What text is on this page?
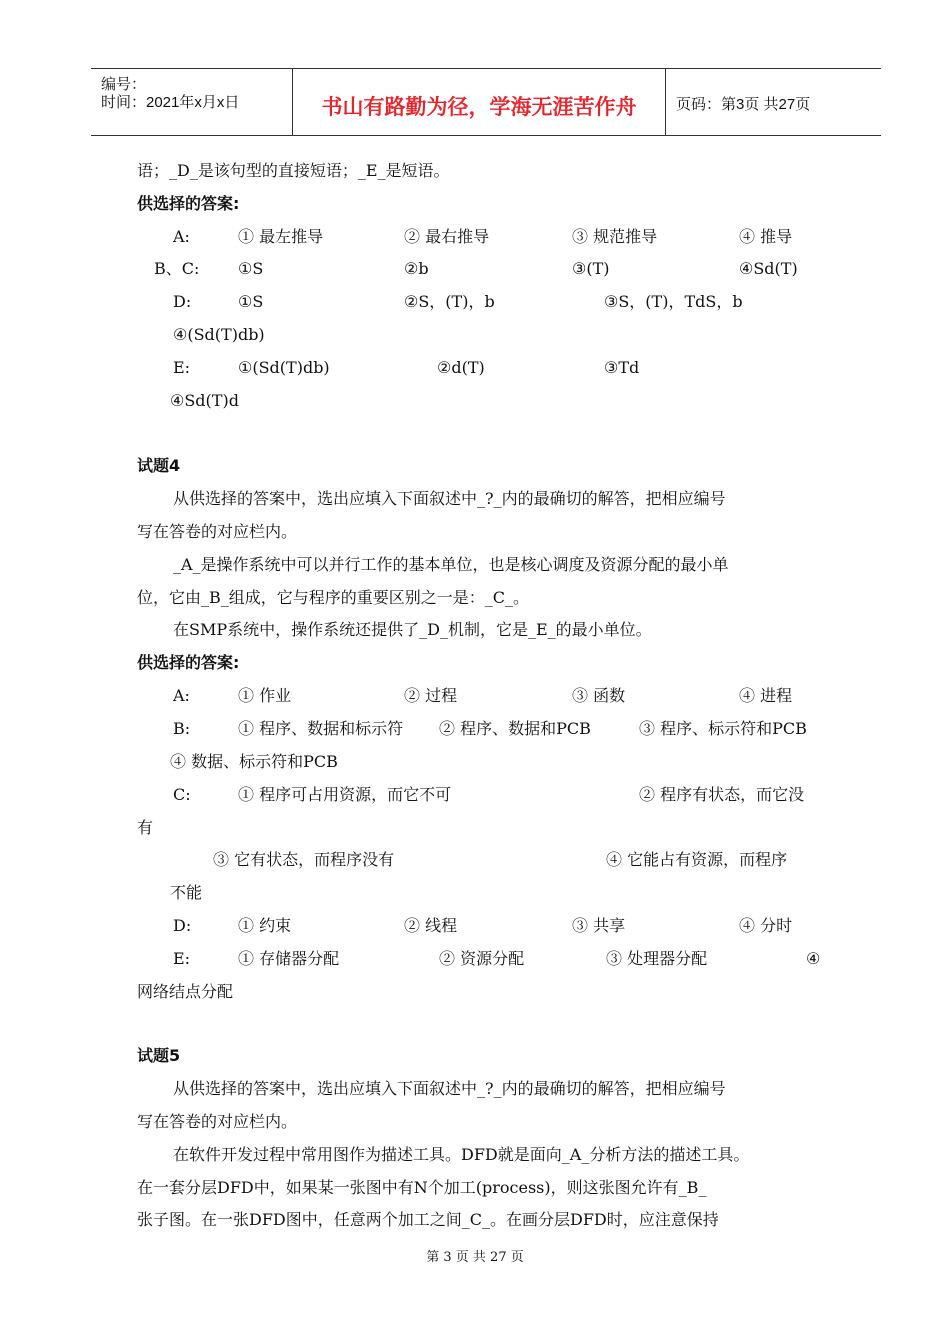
编号：
时间：2021年x月x日	书山有路勤为径，学海无涯苦作舟	页码：第3页 共27页
语；_D_是该句型的直接短语；_E_是短语。
供选择的答案:
A:	① 最左推导	② 最右推导	③ 规范推导	④ 推导
B、C: ①S	②b	③(T)	④Sd(T)
D:	①S	②S，(T)，b	③S，(T)，TdS，b
④(Sd(T)db)
E:	①(Sd(T)db)	②d(T)	③Td
④Sd(T)d
试题4
从供选择的答案中，选出应填入下面叙述中_?_内的最确切的解答，把相应编号
写在答卷的对应栏内。
_A_是操作系统中可以并行工作的基本单位，也是核心调度及资源分配的最小单
位，它由_B_组成，它与程序的重要区别之一是：_C_。
在SMP系统中，操作系统还提供了_D_机制，它是_E_的最小单位。
供选择的答案:
A:	① 作业	② 过程	③ 函数	④ 进程
B:	① 程序、数据和标示符 ② 程序、数据和PCB	③ 程序、标示符和PCB
④ 数据、标示符和PCB
C:	① 程序可占用资源，而它不可	② 程序有状态，而它没
有
③ 它有状态，而程序没有	④ 它能占有资源，而程序
不能
D:	① 约束	② 线程	③ 共享	④ 分时
E:	① 存储器分配	② 资源分配	③ 处理器分配	④
网络结点分配
试题5
从供选择的答案中，选出应填入下面叙述中_?_内的最确切的解答，把相应编号
写在答卷的对应栏内。
在软件开发过程中常用图作为描述工具。DFD就是面向_A_分析方法的描述工具。
在一套分层DFD中，如果某一张图中有N个加工(process)，则这张图允许有_B_
张子图。在一张DFD图中，任意两个加工之间_C_。在画分层DFD时，应注意保持
第 3 页 共 27 页
